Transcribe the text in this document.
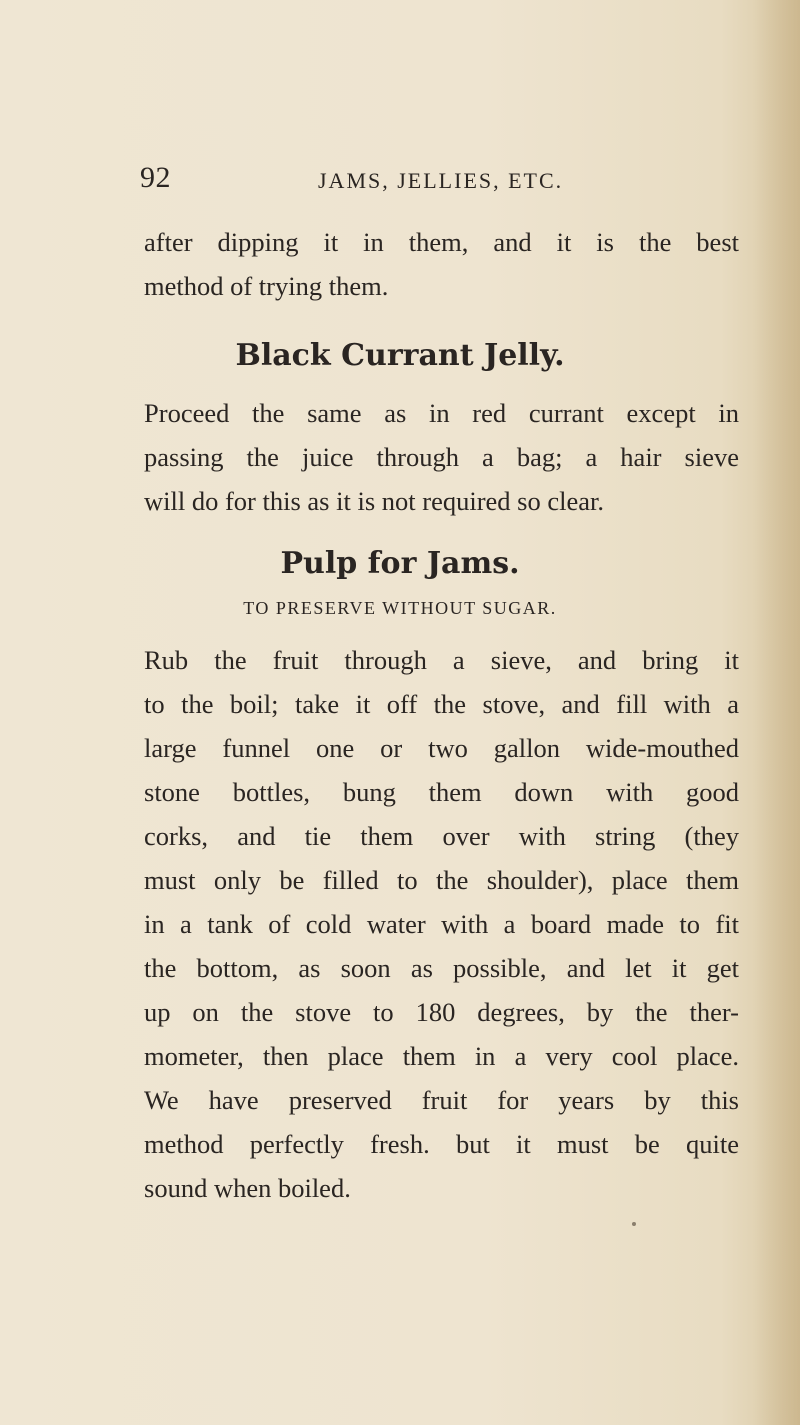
92	JAMS, JELLIES, ETC.
after dipping it in them, and it is the best
method of trying them.
Black Currant Jelly.
Proceed the same as in red currant except in
passing the juice through a bag; a hair sieve
will do for this as it is not required so clear.
Pulp for Jams.
TO PRESERVE WITHOUT SUGAR.
Rub the fruit through a sieve, and bring it
to the boil; take it off the stove, and fill with a
large funnel one or two gallon wide-mouthed
stone bottles, bung them down with good
corks, and tie them over with string (they
must only be filled to the shoulder), place them
in a tank of cold water with a board made to fit
the bottom, as soon as possible, and let it get
up on the stove to 180 degrees, by the ther-
mometer, then place them in a very cool place.
We have preserved fruit for years by this
method perfectly fresh. but it must be quite
sound when boiled.
